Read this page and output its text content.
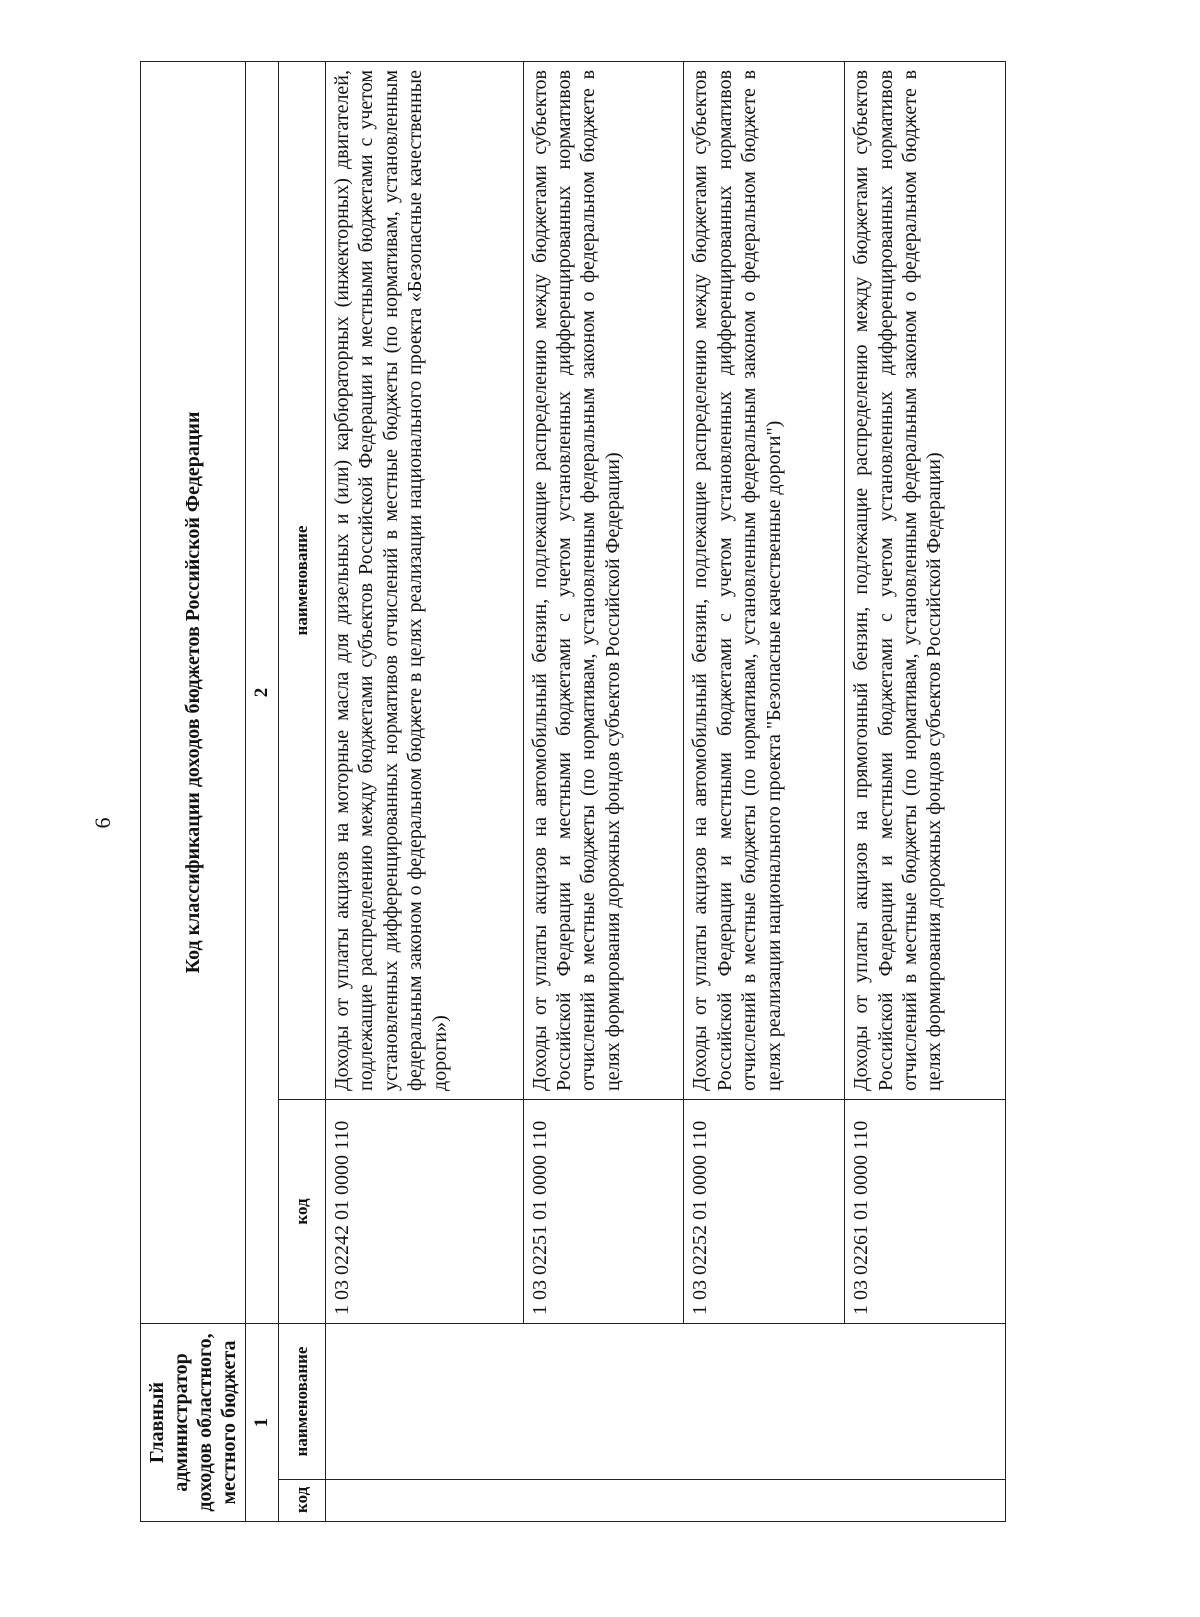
6
Главный администратор доходов областного, местного бюджета		Код классификации доходов бюджетов Российской Федерации	
1		2	
код	наименование	код	наименование
		1 03 02242 01 0000 110	Доходы от уплаты акцизов на моторные масла для дизельных и (или) карбюраторных (инжекторных) двигателей, подлежащие распределению между бюджетами субъектов Российской Федерации и местными бюджетами с учетом установленных дифференцированных нормативов отчислений в местные бюджеты (по нормативам, установленным федеральным законом о федеральном бюджете в целях реализации национального проекта «Безопасные качественные дороги»)
		1 03 02251 01 0000 110	Доходы от уплаты акцизов на автомобильный бензин, подлежащие распределению между бюджетами субъектов Российской Федерации и местными бюджетами с учетом установленных дифференцированных нормативов отчислений в местные бюджеты (по нормативам, установленным федеральным законом о федеральном бюджете в целях формирования дорожных фондов субъектов Российской Федерации)
		1 03 02252 01 0000 110	Доходы от уплаты акцизов на автомобильный бензин, подлежащие распределению между бюджетами субъектов Российской Федерации и местными бюджетами с учетом установленных дифференцированных нормативов отчислений в местные бюджеты (по нормативам, установленным федеральным законом о федеральном бюджете в целях реализации национального проекта "Безопасные качественные дороги")
		1 03 02261 01 0000 110	Доходы от уплаты акцизов на прямогонный бензин, подлежащие распределению между бюджетами субъектов Российской Федерации и местными бюджетами с учетом установленных дифференцированных нормативов отчислений в местные бюджеты (по нормативам, установленным федеральным законом о федеральном бюджете в целях формирования дорожных фондов субъектов Российской Федерации)
